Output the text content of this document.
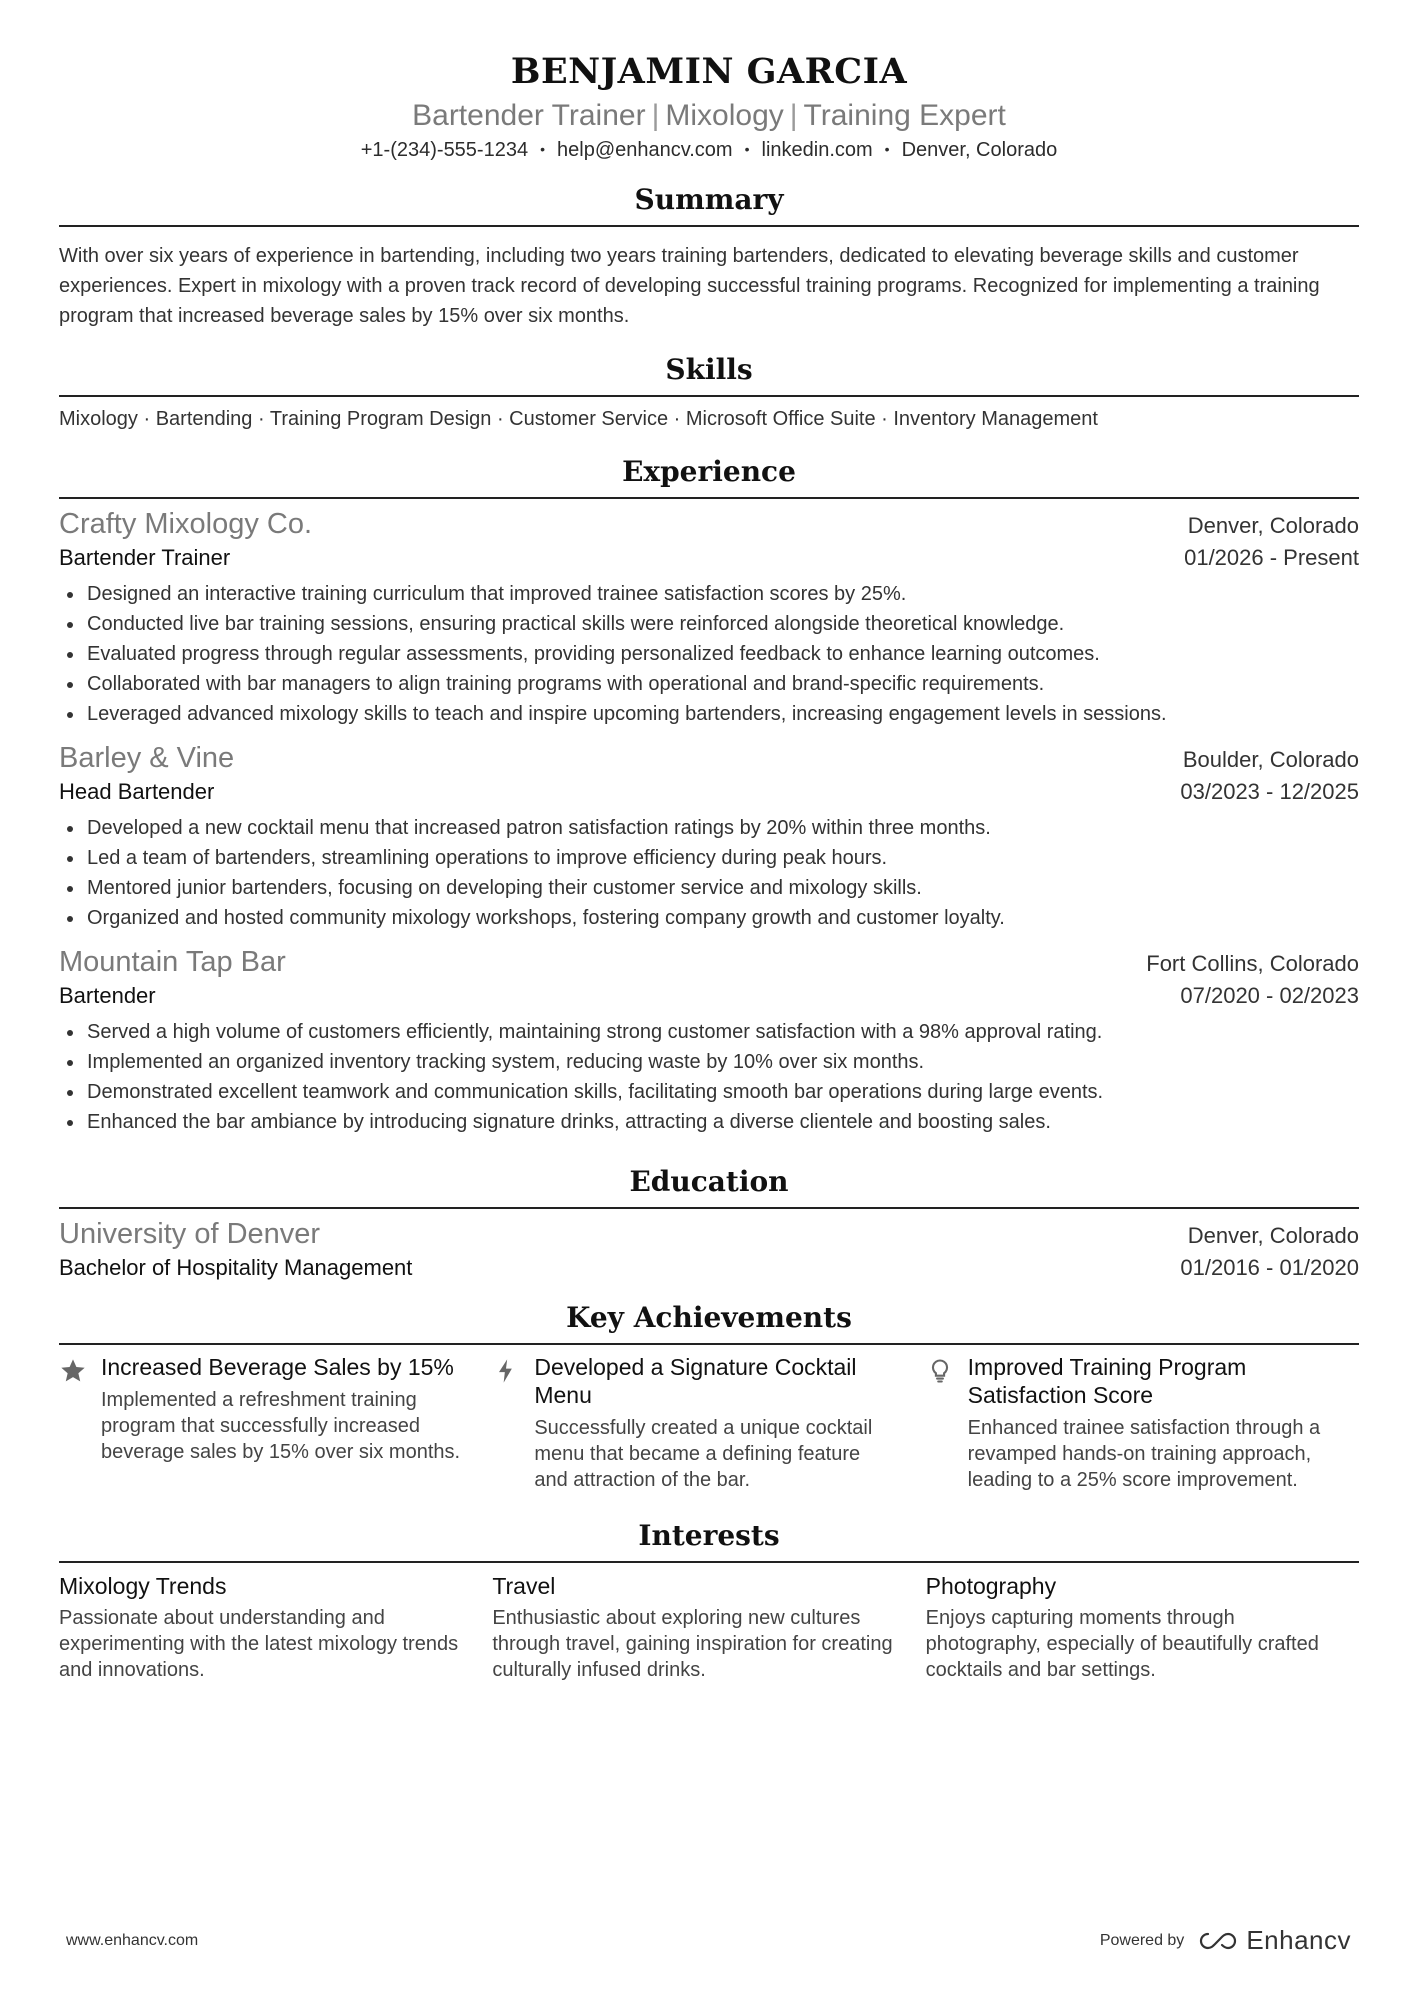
BENJAMIN GARCIA
Bartender Trainer | Mixology | Training Expert
+1-(234)-555-1234 • help@enhancv.com • linkedin.com • Denver, Colorado
Summary
With over six years of experience in bartending, including two years training bartenders, dedicated to elevating beverage skills and customer experiences. Expert in mixology with a proven track record of developing successful training programs. Recognized for implementing a training program that increased beverage sales by 15% over six months.
Skills
Mixology · Bartending · Training Program Design · Customer Service · Microsoft Office Suite · Inventory Management
Experience
Crafty Mixology Co.	Denver, Colorado
Bartender Trainer	01/2026 - Present
Designed an interactive training curriculum that improved trainee satisfaction scores by 25%.
Conducted live bar training sessions, ensuring practical skills were reinforced alongside theoretical knowledge.
Evaluated progress through regular assessments, providing personalized feedback to enhance learning outcomes.
Collaborated with bar managers to align training programs with operational and brand-specific requirements.
Leveraged advanced mixology skills to teach and inspire upcoming bartenders, increasing engagement levels in sessions.
Barley & Vine	Boulder, Colorado
Head Bartender	03/2023 - 12/2025
Developed a new cocktail menu that increased patron satisfaction ratings by 20% within three months.
Led a team of bartenders, streamlining operations to improve efficiency during peak hours.
Mentored junior bartenders, focusing on developing their customer service and mixology skills.
Organized and hosted community mixology workshops, fostering company growth and customer loyalty.
Mountain Tap Bar	Fort Collins, Colorado
Bartender	07/2020 - 02/2023
Served a high volume of customers efficiently, maintaining strong customer satisfaction with a 98% approval rating.
Implemented an organized inventory tracking system, reducing waste by 10% over six months.
Demonstrated excellent teamwork and communication skills, facilitating smooth bar operations during large events.
Enhanced the bar ambiance by introducing signature drinks, attracting a diverse clientele and boosting sales.
Education
University of Denver	Denver, Colorado
Bachelor of Hospitality Management	01/2016 - 01/2020
Key Achievements
Increased Beverage Sales by 15%
Implemented a refreshment training program that successfully increased beverage sales by 15% over six months.
Developed a Signature Cocktail Menu
Successfully created a unique cocktail menu that became a defining feature and attraction of the bar.
Improved Training Program Satisfaction Score
Enhanced trainee satisfaction through a revamped hands-on training approach, leading to a 25% score improvement.
Interests
Mixology Trends
Passionate about understanding and experimenting with the latest mixology trends and innovations.
Travel
Enthusiastic about exploring new cultures through travel, gaining inspiration for creating culturally infused drinks.
Photography
Enjoys capturing moments through photography, especially of beautifully crafted cocktails and bar settings.
www.enhancv.com	Powered by Enhancv
